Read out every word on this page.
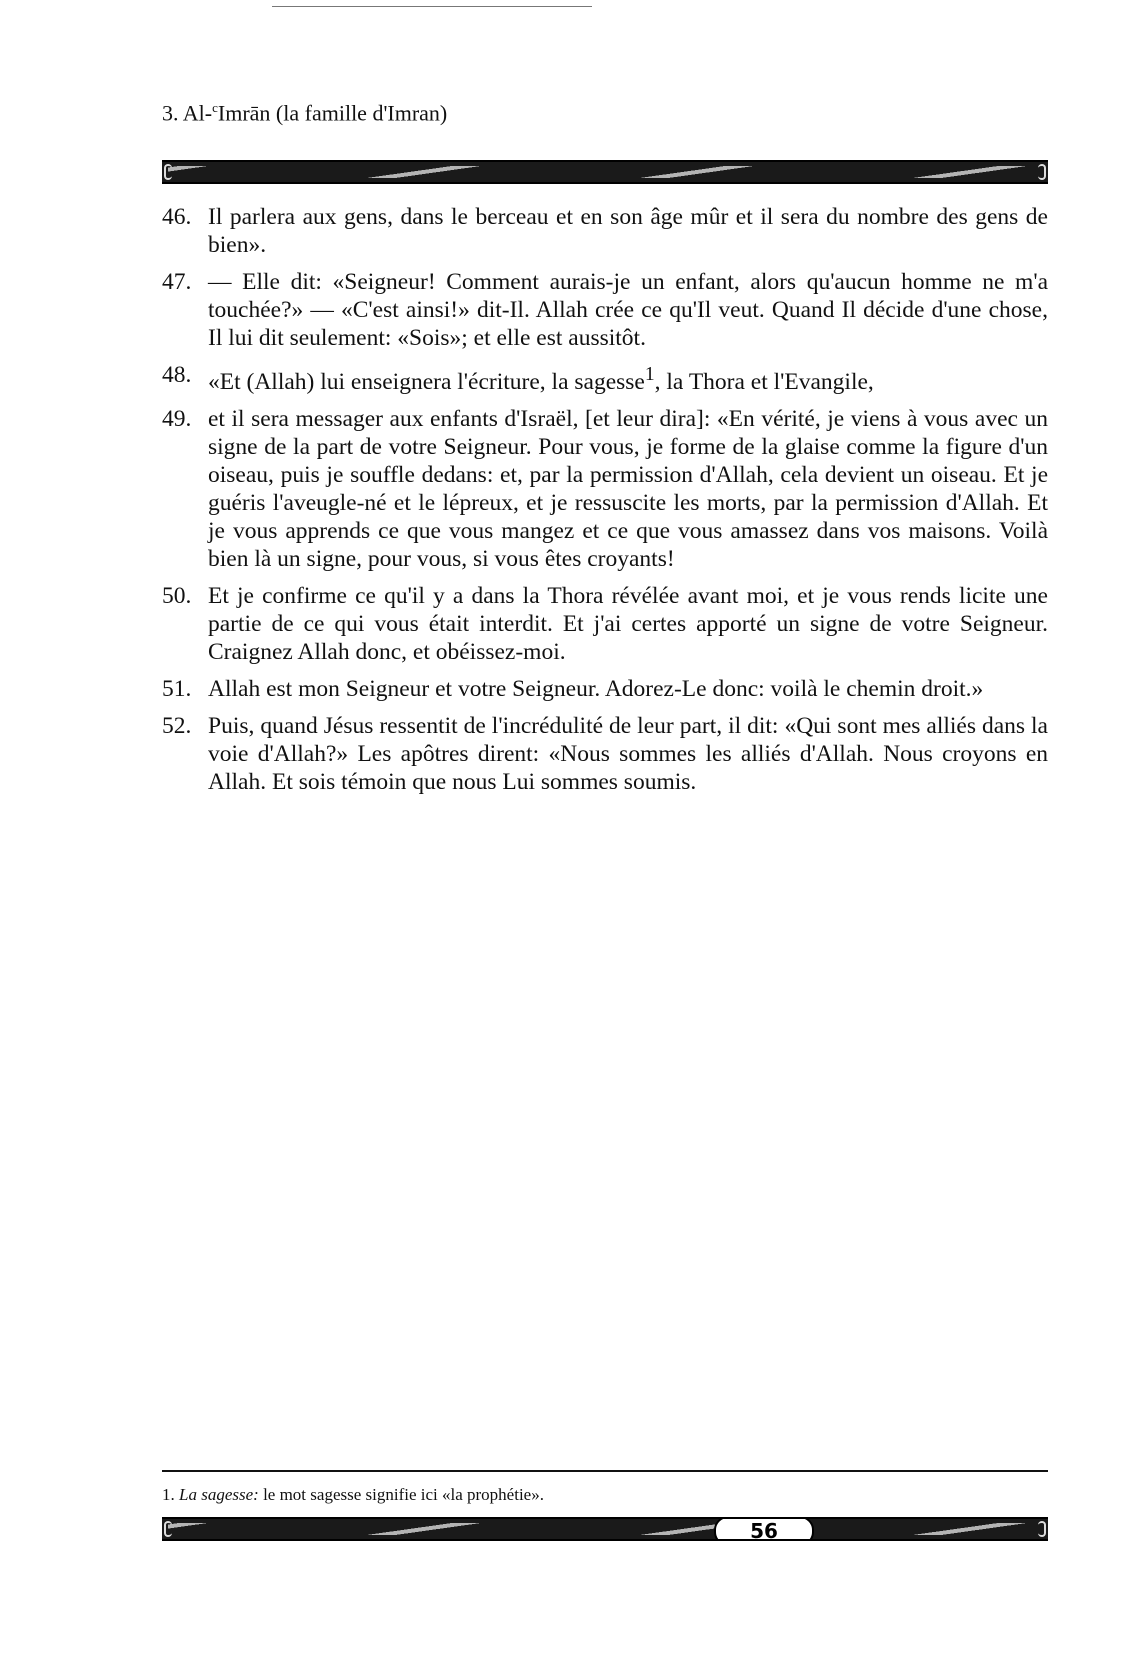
3. Al-$^c$Imrān (la famille d'Imran)
46. Il parlera aux gens, dans le berceau et en son âge mûr et il sera du nombre des gens de bien».
47. — Elle dit: «Seigneur! Comment aurais-je un enfant, alors qu'aucun homme ne m'a touchée?» — «C'est ainsi!» dit-Il. Allah crée ce qu'Il veut. Quand Il décide d'une chose, Il lui dit seulement: «Sois»; et elle est aussitôt.
48. «Et (Allah) lui enseignera l'écriture, la sagesse$^1$, la Thora et l'Evangile,
49. et il sera messager aux enfants d'Israël, [et leur dira]: «En vérité, je viens à vous avec un signe de la part de votre Seigneur. Pour vous, je forme de la glaise comme la figure d'un oiseau, puis je souffle dedans: et, par la permission d'Allah, cela devient un oiseau. Et je guéris l'aveugle-né et le lépreux, et je ressuscite les morts, par la permission d'Allah. Et je vous apprends ce que vous mangez et ce que vous amassez dans vos maisons. Voilà bien là un signe, pour vous, si vous êtes croyants!
50. Et je confirme ce qu'il y a dans la Thora révélée avant moi, et je vous rends licite une partie de ce qui vous était interdit. Et j'ai certes apporté un signe de votre Seigneur. Craignez Allah donc, et obéissez-moi.
51. Allah est mon Seigneur et votre Seigneur. Adorez-Le donc: voilà le chemin droit.»
52. Puis, quand Jésus ressentit de l'incrédulité de leur part, il dit: «Qui sont mes alliés dans la voie d'Allah?» Les apôtres dirent: «Nous sommes les alliés d'Allah. Nous croyons en Allah. Et sois témoin que nous Lui sommes soumis.
1. La sagesse: le mot sagesse signifie ici «la prophétie».
56
